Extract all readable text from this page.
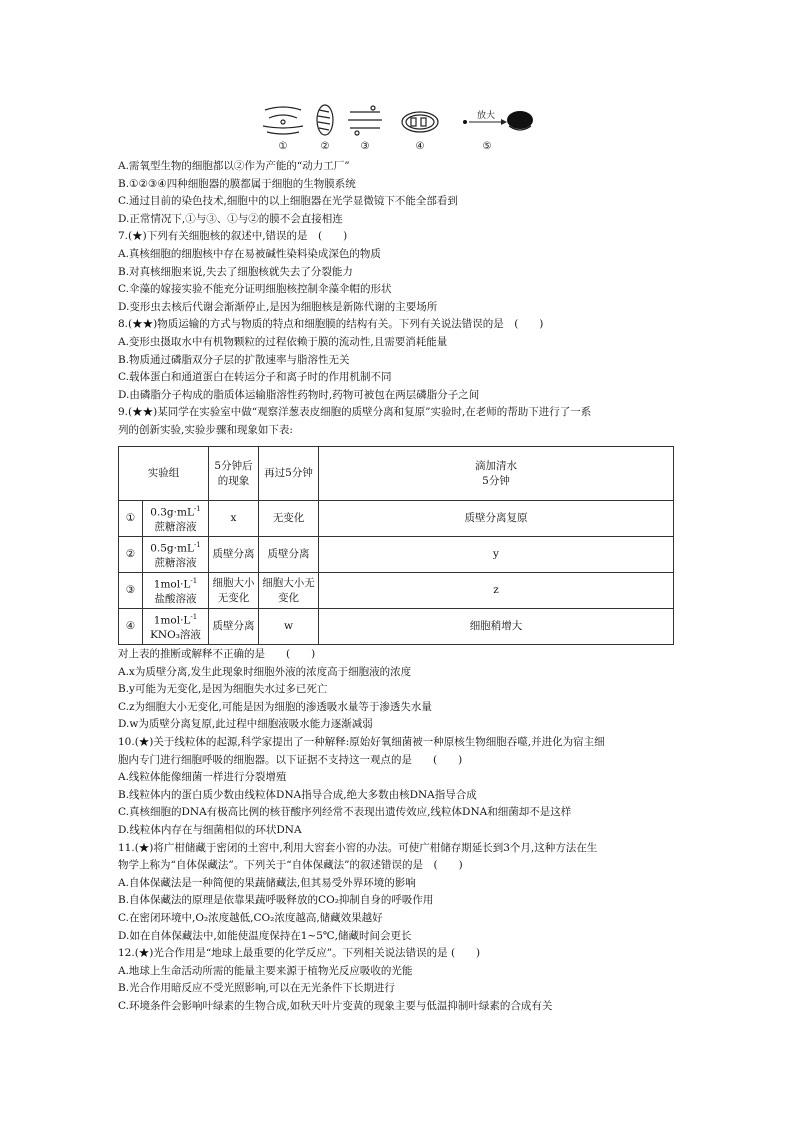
放大
①	②	③	④	⑤
A.需氧型生物的细胞都以②作为产能的“动力工厂”
B.①②③④四种细胞器的膜都属于细胞的生物膜系统
C.通过目前的染色技术,细胞中的以上细胞器在光学显微镜下不能全部看到
D.正常情况下,①与③、①与②的膜不会直接相连
7.(★)下列有关细胞核的叙述中,错误的是　(　　)
A.真核细胞的细胞核中存在易被碱性染料染成深色的物质
B.对真核细胞来说,失去了细胞核就失去了分裂能力
C.伞藻的嫁接实验不能充分证明细胞核控制伞藻伞帽的形状
D.变形虫去核后代谢会渐渐停止,是因为细胞核是新陈代谢的主要场所
8.(★★)物质运输的方式与物质的特点和细胞膜的结构有关。下列有关说法错误的是　(　　)
A.变形虫摄取水中有机物颗粒的过程依赖于膜的流动性,且需要消耗能量
B.物质通过磷脂双分子层的扩散速率与脂溶性无关
C.载体蛋白和通道蛋白在转运分子和离子时的作用机制不同
D.由磷脂分子构成的脂质体运输脂溶性药物时,药物可被包在两层磷脂分子之间
9.(★★)某同学在实验室中做“观察洋葱表皮细胞的质壁分离和复原”实验时,在老师的帮助下进行了一系
列的创新实验,实验步骤和现象如下表:
实验组		5分钟后的现象	再过5分钟	滴加清水
5分钟

①	$0.3g\cdot mL^{-1}$
蔗糖溶液	x	无变化	质壁分离复原
②	$0.5g\cdot mL^{-1}$
蔗糖溶液	质壁分离	质壁分离	y
③	$1mol\cdot L^{-1}$
盐酸溶液	细胞大小无变化	细胞大小无变化	z
④	$1mol\cdot L^{-1}$
KNO₃溶液	质壁分离	w	细胞稍增大
对上表的推断或解释不正确的是　　(　　)
A.x为质壁分离,发生此现象时细胞外液的浓度高于细胞液的浓度
B.y可能为无变化,是因为细胞失水过多已死亡
C.z为细胞大小无变化,可能是因为细胞的渗透吸水量等于渗透失水量
D.w为质壁分离复原,此过程中细胞液吸水能力逐渐减弱
10.(★)关于线粒体的起源,科学家提出了一种解释:原始好氧细菌被一种原核生物细胞吞噬,并进化为宿主细
胞内专门进行细胞呼吸的细胞器。以下证据不支持这一观点的是　　(　　)
A.线粒体能像细菌一样进行分裂增殖
B.线粒体内的蛋白质少数由线粒体DNA指导合成,绝大多数由核DNA指导合成
C.真核细胞的DNA有极高比例的核苷酸序列经常不表现出遗传效应,线粒体DNA和细菌却不是这样
D.线粒体内存在与细菌相似的环状DNA
11.(★)将广柑储藏于密闭的土窖中,利用大窖套小窖的办法。可使广柑储存期延长到3个月,这种方法在生
物学上称为“自体保藏法”。下列关于“自体保藏法”的叙述错误的是　(　　)
A.自体保藏法是一种简便的果蔬储藏法,但其易受外界环境的影响
B.自体保藏法的原理是依靠果蔬呼吸释放的CO₂抑制自身的呼吸作用
C.在密闭环境中,O₂浓度越低,CO₂浓度越高,储藏效果越好
D.如在自体保藏法中,如能使温度保持在1~5℃,储藏时间会更长
12.(★)光合作用是“地球上最重要的化学反应”。下列相关说法错误的是 (　　)
A.地球上生命活动所需的能量主要来源于植物光反应吸收的光能
B.光合作用暗反应不受光照影响,可以在无光条件下长期进行
C.环境条件会影响叶绿素的生物合成,如秋天叶片变黄的现象主要与低温抑制叶绿素的合成有关
